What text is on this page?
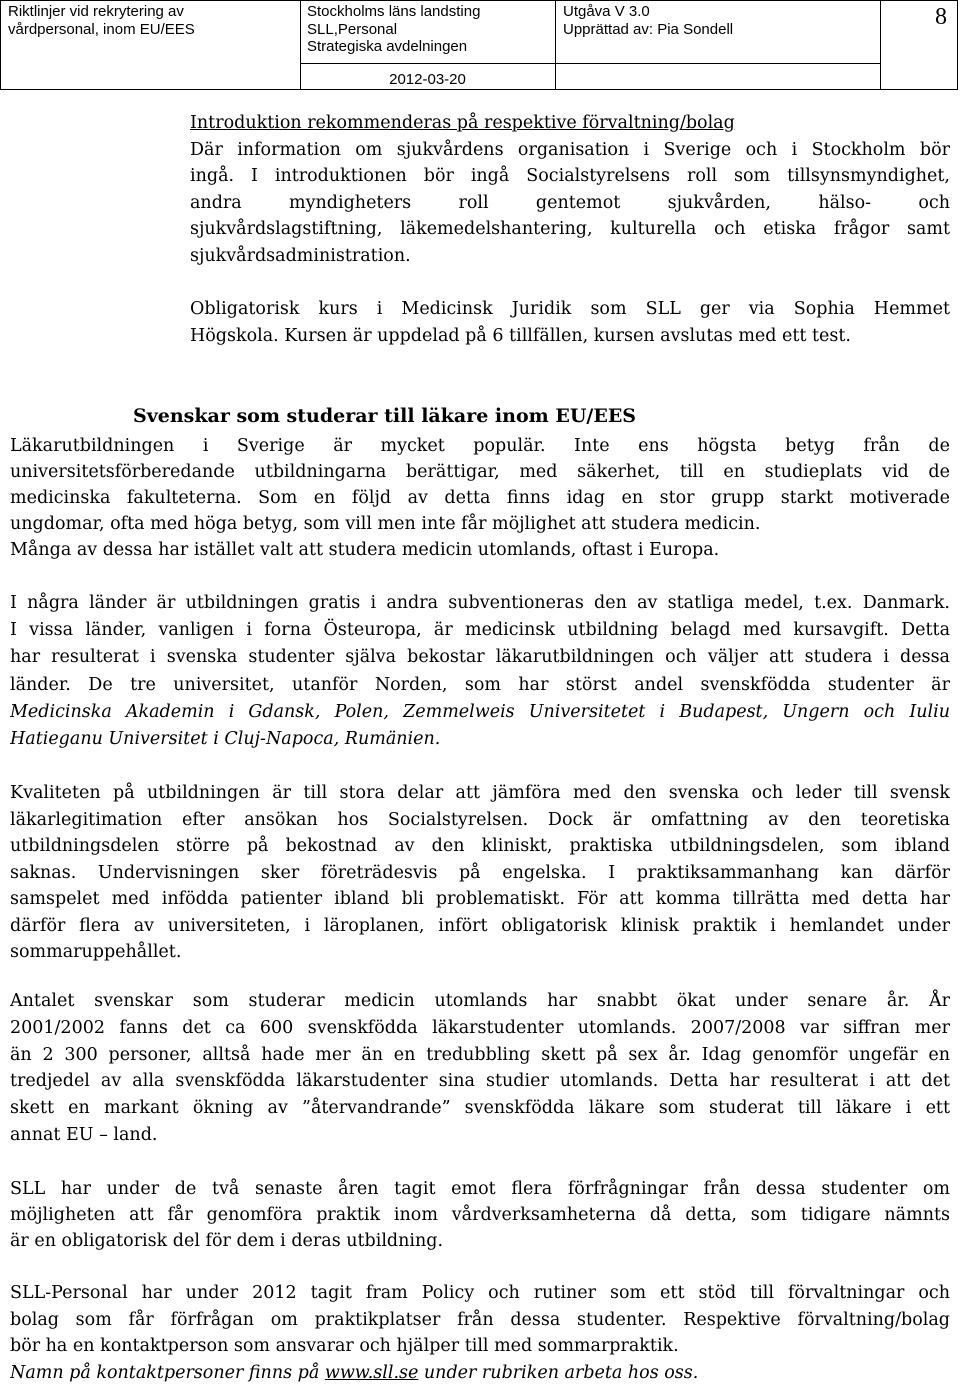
Riktlinjer vid rekrytering av
vårdpersonal, inom EU/EES
Stockholms läns landsting
SLL,Personal
Strategiska avdelningen
Utgåva V 3.0
Upprättad av: Pia Sondell	8
2012-03-20
Introduktion rekommenderas på respektive förvaltning/bolag
Där information om sjukvårdens organisation i Sverige och i Stockholm bör
ingå. I introduktionen bör ingå Socialstyrelsens roll som tillsynsmyndighet,
andra myndigheters roll gentemot sjukvården, hälso- och
sjukvårdslagstiftning, läkemedelshantering, kulturella och etiska frågor samt
sjukvårdsadministration.
Obligatorisk kurs i Medicinsk Juridik som SLL ger via Sophia Hemmet
Högskola. Kursen är uppdelad på 6 tillfällen, kursen avslutas med ett test.
Svenskar som studerar till läkare inom EU/EES
Läkarutbildningen i Sverige är mycket populär. Inte ens högsta betyg från de
universitetsförberedande utbildningarna berättigar, med säkerhet, till en studieplats vid de
medicinska fakulteterna. Som en följd av detta finns idag en stor grupp starkt motiverade
ungdomar, ofta med höga betyg, som vill men inte får möjlighet att studera medicin.
Många av dessa har istället valt att studera medicin utomlands, oftast i Europa.
I några länder är utbildningen gratis i andra subventioneras den av statliga medel, t.ex. Danmark.
I vissa länder, vanligen i forna Östeuropa, är medicinsk utbildning belagd med kursavgift. Detta
har resulterat i svenska studenter själva bekostar läkarutbildningen och väljer att studera i dessa
länder. De tre universitet, utanför Norden, som har störst andel svenskfödda studenter är
Medicinska Akademin i Gdansk, Polen, Zemmelweis Universitetet i Budapest, Ungern och Iuliu
Hatieganu Universitet i Cluj-Napoca, Rumänien.
Kvaliteten på utbildningen är till stora delar att jämföra med den svenska och leder till svensk
läkarlegitimation efter ansökan hos Socialstyrelsen. Dock är omfattning av den teoretiska
utbildningsdelen större på bekostnad av den kliniskt, praktiska utbildningsdelen, som ibland
saknas. Undervisningen sker företrädesvis på engelska. I praktiksammanhang kan därför
samspelet med infödda patienter ibland bli problematiskt. För att komma tillrätta med detta har
därför flera av universiteten, i läroplanen, infört obligatorisk klinisk praktik i hemlandet under
sommaruppehållet.
Antalet svenskar som studerar medicin utomlands har snabbt ökat under senare år. År
2001/2002 fanns det ca 600 svenskfödda läkarstudenter utomlands. 2007/2008 var siffran mer
än 2 300 personer, alltså hade mer än en tredubbling skett på sex år. Idag genomför ungefär en
tredjedel av alla svenskfödda läkarstudenter sina studier utomlands. Detta har resulterat i att det
skett en markant ökning av ”återvandrande” svenskfödda läkare som studerat till läkare i ett
annat EU – land.
SLL har under de två senaste åren tagit emot flera förfrågningar från dessa studenter om
möjligheten att får genomföra praktik inom vårdverksamheterna då detta, som tidigare nämnts
är en obligatorisk del för dem i deras utbildning.
SLL-Personal har under 2012 tagit fram Policy och rutiner som ett stöd till förvaltningar och
bolag som får förfrågan om praktikplatser från dessa studenter. Respektive förvaltning/bolag
bör ha en kontaktperson som ansvarar och hjälper till med sommarpraktik.
Namn på kontaktpersoner finns på www.sll.se under rubriken arbeta hos oss.
